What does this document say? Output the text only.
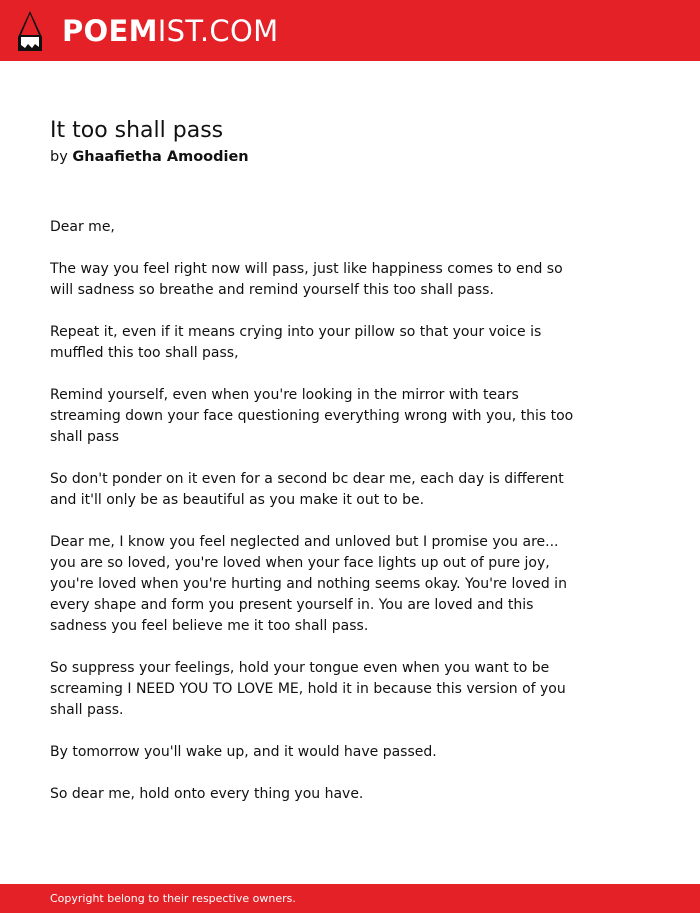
POEMIST.COM
It too shall pass

by Ghaafietha Amoodien

Dear me,

The way you feel right now will pass, just like happiness comes to end so
will sadness so breathe and remind yourself this too shall pass.

Repeat it, even if it means crying into your pillow so that your voice is
muffled this too shall pass,

Remind yourself, even when you're looking in the mirror with tears
streaming down your face questioning everything wrong with you, this too
shall pass

So don't ponder on it even for a second bc dear me, each day is different
and it'll only be as beautiful as you make it out to be.

Dear me, I know you feel neglected and unloved but I promise you are...
you are so loved, you're loved when your face lights up out of pure joy,
you're loved when you're hurting and nothing seems okay. You're loved in
every shape and form you present yourself in. You are loved and this
sadness you feel believe me it too shall pass.

So suppress your feelings, hold your tongue even when you want to be
screaming I NEED YOU TO LOVE ME, hold it in because this version of you
shall pass.

By tomorrow you'll wake up, and it would have passed.

So dear me, hold onto every thing you have.

Copyright belong to their respective owners.
